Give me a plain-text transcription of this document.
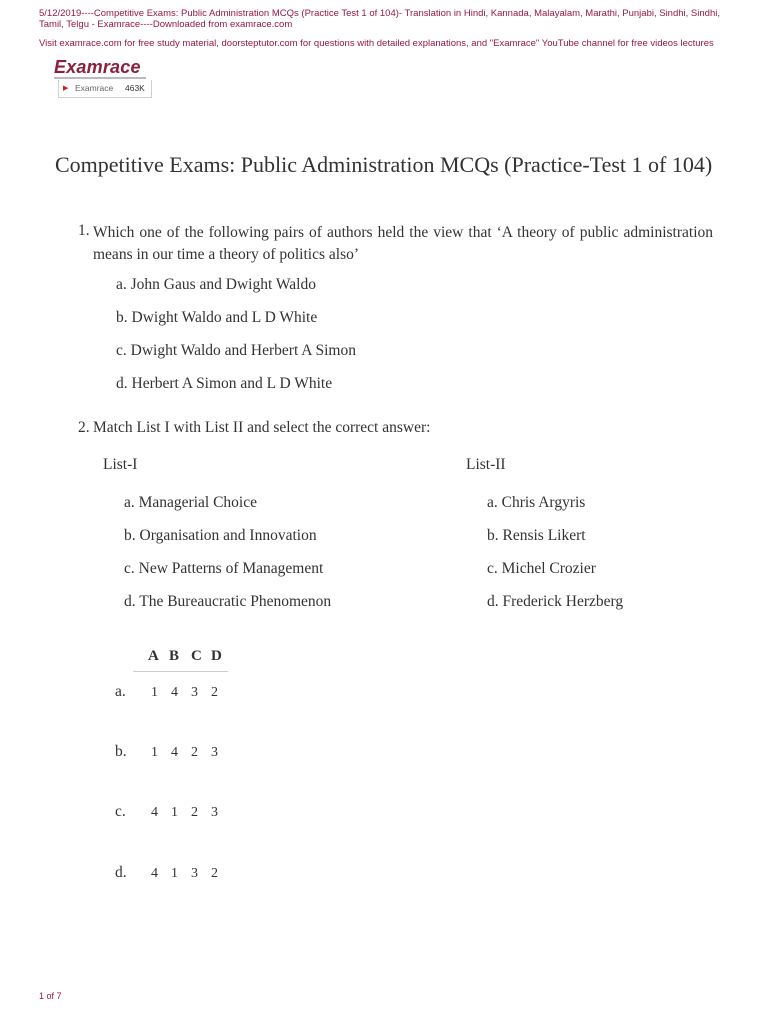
5/12/2019----Competitive Exams: Public Administration MCQs (Practice Test 1 of 104)- Translation in Hindi, Kannada, Malayalam, Marathi, Punjabi, Sindhi, Sindhi, Tamil, Telgu - Examrace----Downloaded from examrace.com
Visit examrace.com for free study material, doorsteptutor.com for questions with detailed explanations, and "Examrace" YouTube channel for free videos lectures
Examrace
▶ Examrace 463K
Competitive Exams: Public Administration MCQs (Practice-Test 1 of 104)
1. Which one of the following pairs of authors held the view that ‘A theory of public administration means in our time a theory of politics also’
a. John Gaus and Dwight Waldo
b. Dwight Waldo and L D White
c. Dwight Waldo and Herbert A Simon
d. Herbert A Simon and L D White
2. Match List I with List II and select the correct answer:
List-I	List-II
a. Managerial Choice
b. Organisation and Innovation
c. New Patterns of Management
d. The Bureaucratic Phenomenon
a. Chris Argyris
b. Rensis Likert
c. Michel Crozier
d. Frederick Herzberg
A B C D
a. 1 4 3 2
b. 1 4 2 3
c. 4 1 2 3
d. 4 1 3 2
1 of 7
